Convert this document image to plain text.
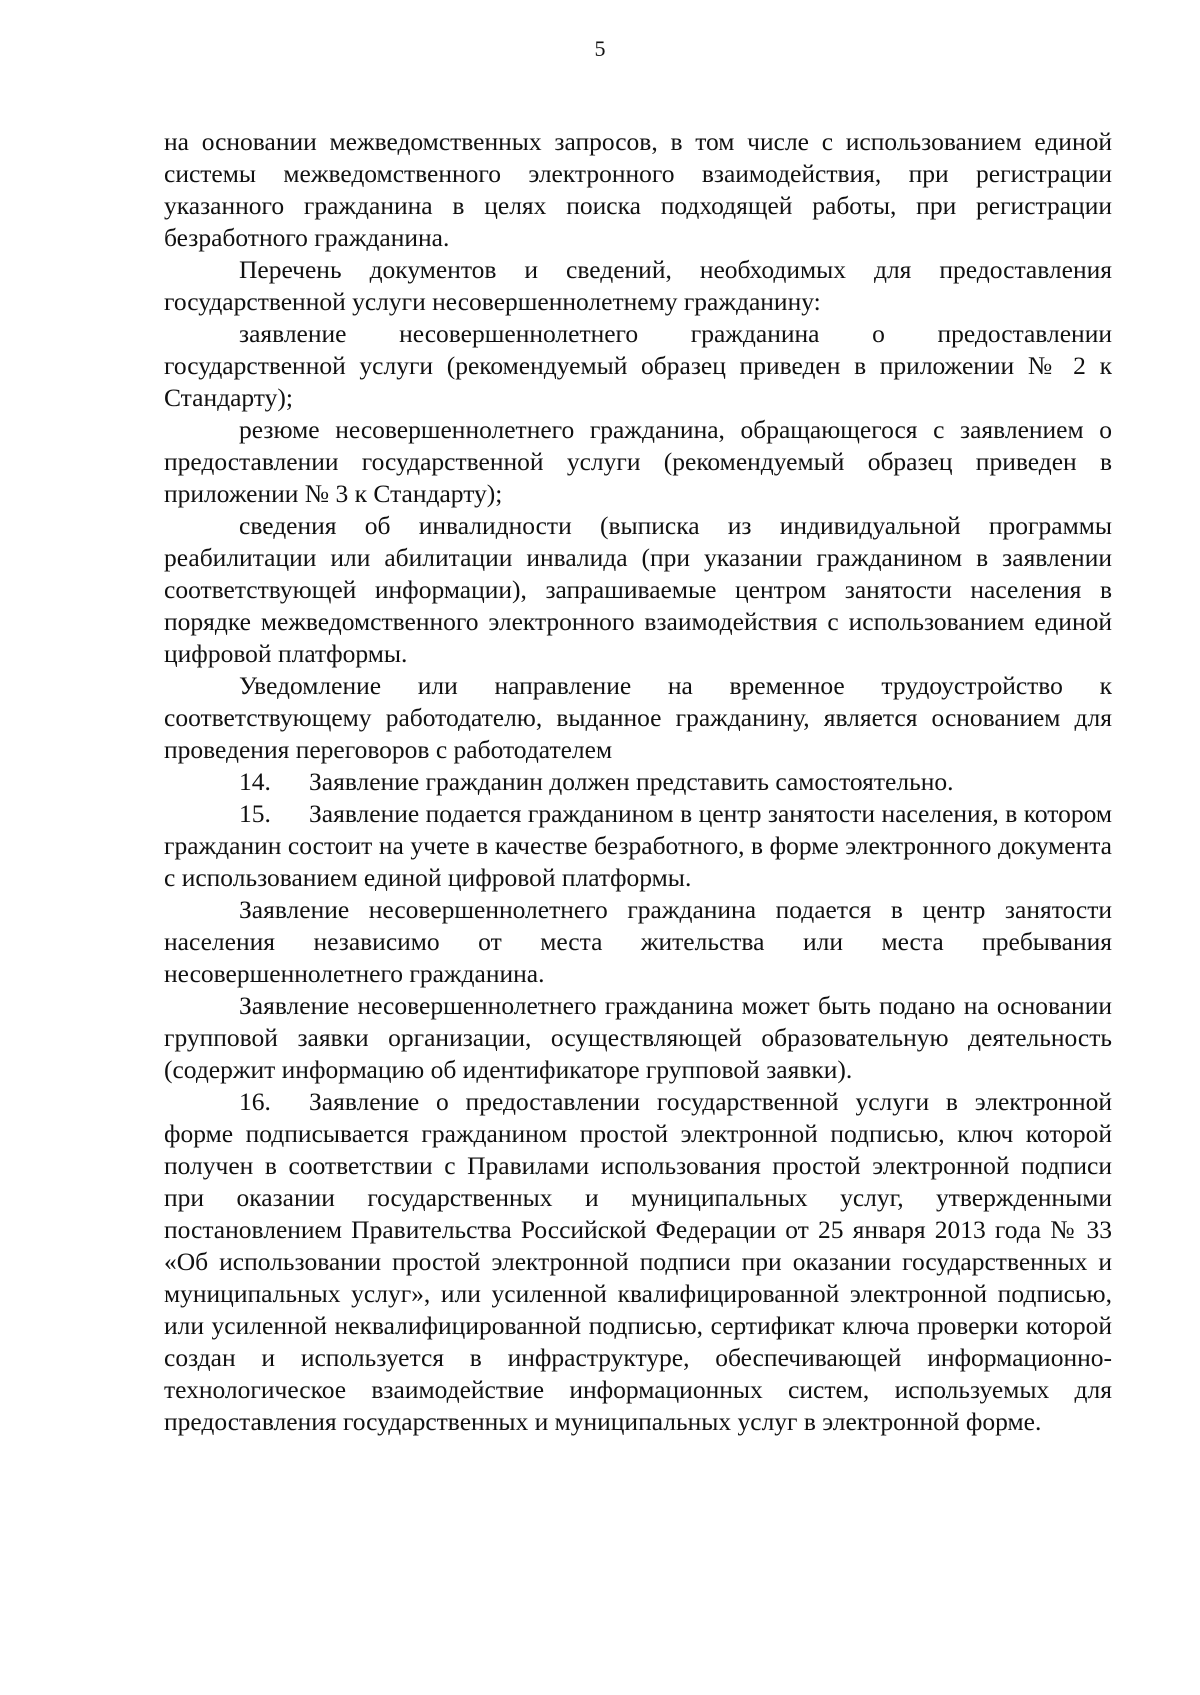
5

на основании межведомственных запросов, в том числе с использованием единой системы межведомственного электронного взаимодействия, при регистрации указанного гражданина в целях поиска подходящей работы, при регистрации безработного гражданина.

Перечень документов и сведений, необходимых для предоставления государственной услуги несовершеннолетнему гражданину:

заявление несовершеннолетнего гражданина о предоставлении государственной услуги (рекомендуемый образец приведен в приложении № 2 к Стандарту);

резюме несовершеннолетнего гражданина, обращающегося с заявлением о предоставлении государственной услуги (рекомендуемый образец приведен в приложении № 3 к Стандарту);

сведения об инвалидности (выписка из индивидуальной программы реабилитации или абилитации инвалида (при указании гражданином в заявлении соответствующей информации), запрашиваемые центром занятости населения в порядке межведомственного электронного взаимодействия с использованием единой цифровой платформы.

Уведомление или направление на временное трудоустройство к соответствующему работодателю, выданное гражданину, является основанием для проведения переговоров с работодателем

14. Заявление гражданин должен представить самостоятельно.

15. Заявление подается гражданином в центр занятости населения, в котором гражданин состоит на учете в качестве безработного, в форме электронного документа с использованием единой цифровой платформы.

Заявление несовершеннолетнего гражданина подается в центр занятости населения независимо от места жительства или места пребывания несовершеннолетнего гражданина.

Заявление несовершеннолетнего гражданина может быть подано на основании групповой заявки организации, осуществляющей образовательную деятельность (содержит информацию об идентификаторе групповой заявки).

16. Заявление о предоставлении государственной услуги в электронной форме подписывается гражданином простой электронной подписью, ключ которой получен в соответствии с Правилами использования простой электронной подписи при оказании государственных и муниципальных услуг, утвержденными постановлением Правительства Российской Федерации от 25 января 2013 года № 33 «Об использовании простой электронной подписи при оказании государственных и муниципальных услуг», или усиленной квалифицированной электронной подписью, или усиленной неквалифицированной подписью, сертификат ключа проверки которой создан и используется в инфраструктуре, обеспечивающей информационно-технологическое взаимодействие информационных систем, используемых для предоставления государственных и муниципальных услуг в электронной форме.
